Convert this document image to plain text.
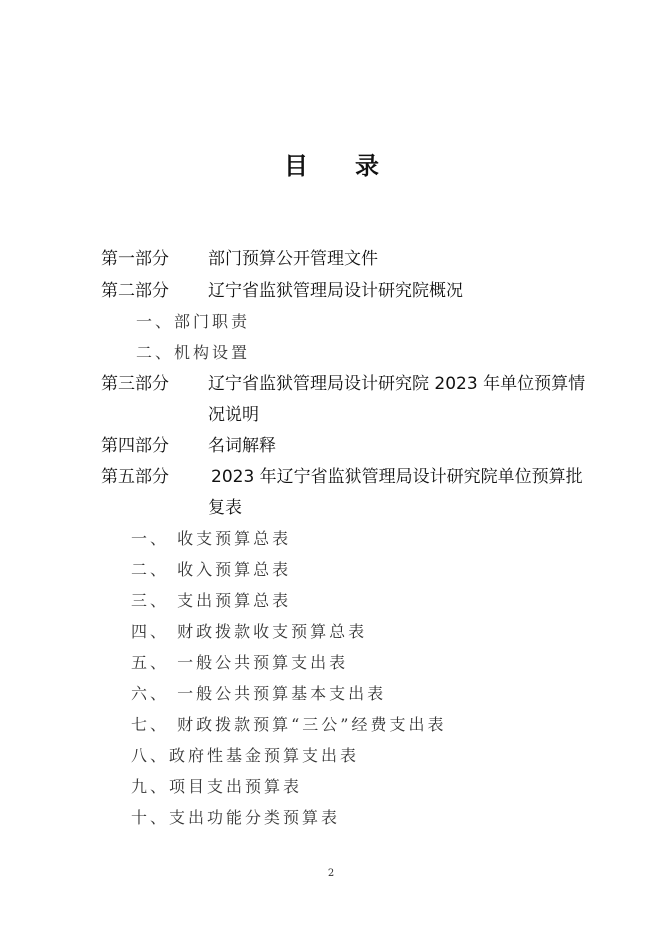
目 录
第一部分 部门预算公开管理文件
第二部分 辽宁省监狱管理局设计研究院概况
一、部门职责
二、机构设置
第三部分 辽宁省监狱管理局设计研究院 2023 年单位预算情
况说明
第四部分 名词解释
第五部分 2023 年辽宁省监狱管理局设计研究院单位预算批
复表
一、 收支预算总表
二、 收入预算总表
三、 支出预算总表
四、 财政拨款收支预算总表
五、 一般公共预算支出表
六、 一般公共预算基本支出表
七、 财政拨款预算“三公”经费支出表
八、政府性基金预算支出表
九、项目支出预算表
十、支出功能分类预算表
2
